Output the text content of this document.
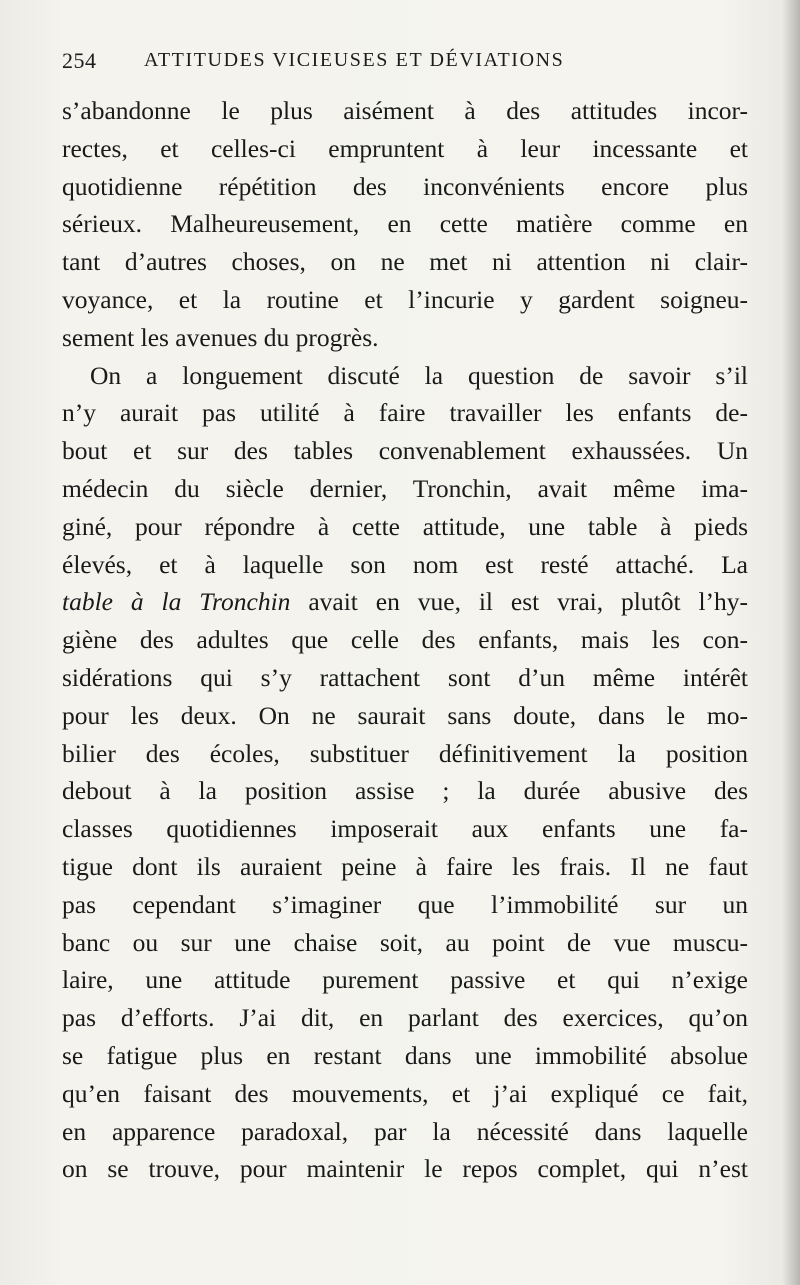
254 ATTITUDES VICIEUSES ET DÉVIATIONS
s’abandonne le plus aisément à des attitudes incor-
rectes, et celles-ci empruntent à leur incessante et
quotidienne répétition des inconvénients encore plus
sérieux. Malheureusement, en cette matière comme en
tant d’autres choses, on ne met ni attention ni clair-
voyance, et la routine et l’incurie y gardent soigneu-
sement les avenues du progrès.
On a longuement discuté la question de savoir s’il
n’y aurait pas utilité à faire travailler les enfants de-
bout et sur des tables convenablement exhaussées. Un
médecin du siècle dernier, Tronchin, avait même ima-
giné, pour répondre à cette attitude, une table à pieds
élevés, et à laquelle son nom est resté attaché. La
table à la Tronchin avait en vue, il est vrai, plutôt l’hy-
giène des adultes que celle des enfants, mais les con-
sidérations qui s’y rattachent sont d’un même intérêt
pour les deux. On ne saurait sans doute, dans le mo-
bilier des écoles, substituer définitivement la position
debout à la position assise ; la durée abusive des
classes quotidiennes imposerait aux enfants une fa-
tigue dont ils auraient peine à faire les frais. Il ne faut
pas cependant s’imaginer que l’immobilité sur un
banc ou sur une chaise soit, au point de vue muscu-
laire, une attitude purement passive et qui n’exige
pas d’efforts. J’ai dit, en parlant des exercices, qu’on
se fatigue plus en restant dans une immobilité absolue
qu’en faisant des mouvements, et j’ai expliqué ce fait,
en apparence paradoxal, par la nécessité dans laquelle
on se trouve, pour maintenir le repos complet, qui n’est
